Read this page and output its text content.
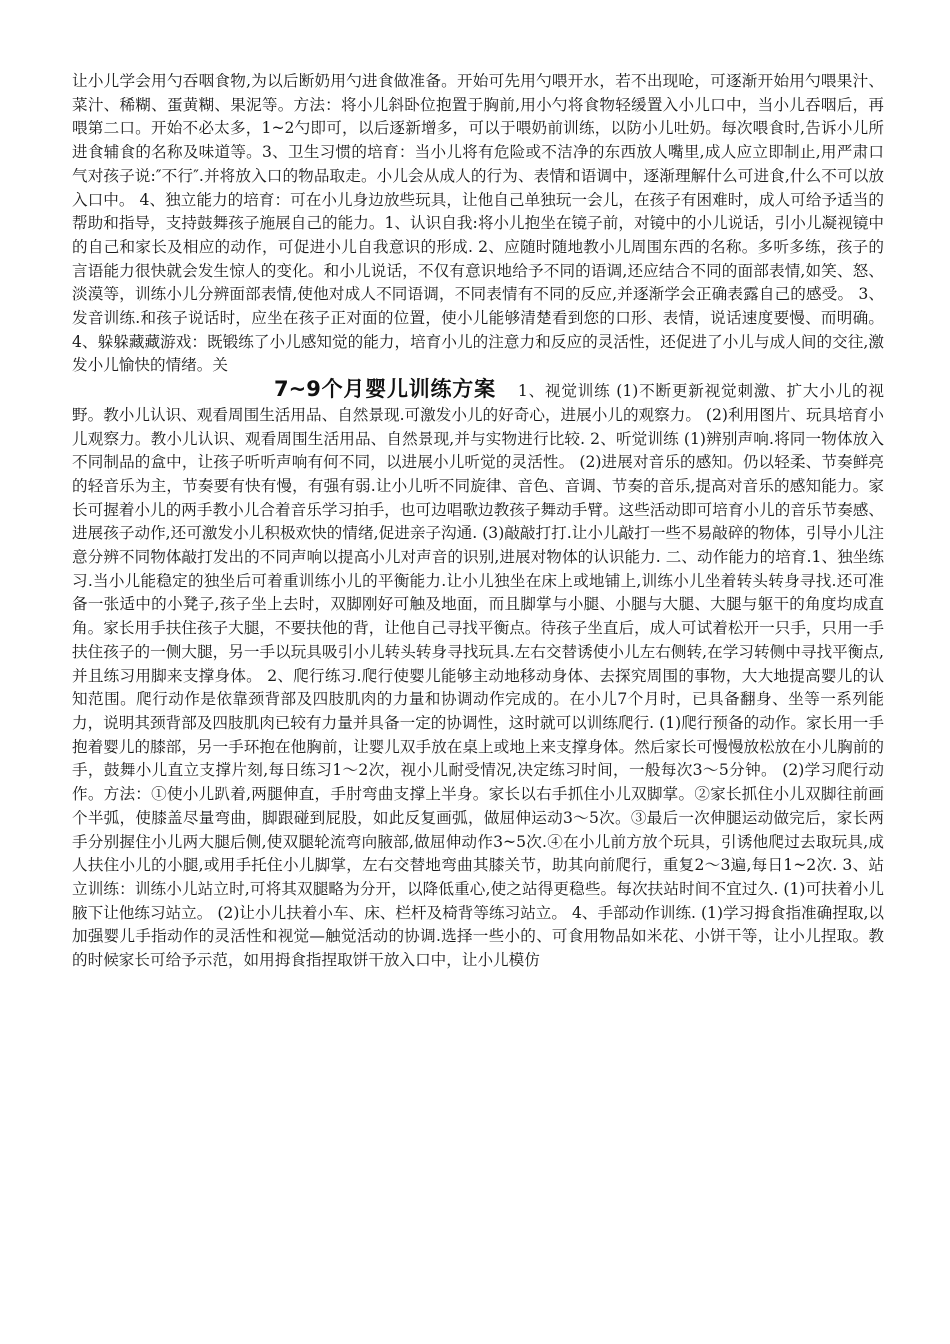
让小儿学会用勺吞咽食物,为以后断奶用勺进食做准备。开始可先用勺喂开水，若不出现呛，可逐渐开始用勺喂果汁、菜汁、稀糊、蛋黄糊、果泥等。方法：将小儿斜卧位抱置于胸前,用小勺将食物轻缓置入小儿口中，当小儿吞咽后，再喂第二口。开始不必太多，1~2勺即可，以后逐新增多，可以于喂奶前训练，以防小儿吐奶。每次喂食时,告诉小儿所进食辅食的名称及味道等。3、卫生习惯的培育：当小儿将有危险或不洁净的东西放人嘴里,成人应立即制止,用严肃口气对孩子说:″不行″.并将放入口的物品取走。小儿会从成人的行为、表情和语调中，逐渐理解什么可进食,什么不可以放入口中。 4、独立能力的培育：可在小儿身边放些玩具，让他自己单独玩一会儿，在孩子有困难时，成人可给予适当的帮助和指导，支持鼓舞孩子施展自己的能力。1、认识自我:将小儿抱坐在镜子前，对镜中的小儿说话，引小儿凝视镜中的自己和家长及相应的动作，可促进小儿自我意识的形成. 2、应随时随地教小儿周围东西的名称。多听多练，孩子的言语能力很快就会发生惊人的变化。和小儿说话，不仅有意识地给予不同的语调,还应结合不同的面部表情,如笑、怒、淡漠等，训练小儿分辨面部表情,使他对成人不同语调，不同表情有不同的反应,并逐渐学会正确表露自己的感受。 3、发音训练.和孩子说话时，应坐在孩子正对面的位置，使小儿能够清楚看到您的口形、表情，说话速度要慢、而明确。 4、躲躲藏藏游戏：既锻练了小儿感知觉的能力，培育小儿的注意力和反应的灵活性，还促进了小儿与成人间的交往,激发小儿愉快的情绪。关

7~9个月婴儿训练方案 1、视觉训练 (1)不断更新视觉刺激、扩大小儿的视野。教小儿认识、观看周围生活用品、自然景现.可激发小儿的好奇心，进展小儿的观察力。 (2)利用图片、玩具培育小儿观察力。教小儿认识、观看周围生活用品、自然景现,并与实物进行比较. 2、听觉训练 (1)辨别声响.将同一物体放入不同制品的盒中，让孩子听听声响有何不同，以进展小儿听觉的灵活性。 (2)进展对音乐的感知。仍以轻柔、节奏鲜亮的轻音乐为主，节奏要有快有慢，有强有弱.让小儿听不同旋律、音色、音调、节奏的音乐,提高对音乐的感知能力。家长可握着小儿的两手教小儿合着音乐学习拍手，也可边唱歌边教孩子舞动手臂。这些活动即可培育小儿的音乐节奏感、进展孩子动作,还可激发小儿积极欢快的情绪,促进亲子沟通. (3)敲敲打打.让小儿敲打一些不易敲碎的物体，引导小儿注意分辨不同物体敲打发出的不同声响以提高小儿对声音的识别,进展对物体的认识能力. 二、动作能力的培育.1、独坐练习.当小儿能稳定的独坐后可着重训练小儿的平衡能力.让小儿独坐在床上或地铺上,训练小儿坐着转头转身寻找.还可准备一张适中的小凳子,孩子坐上去时，双脚刚好可触及地面，而且脚掌与小腿、小腿与大腿、大腿与躯干的角度均成直角。家长用手扶住孩子大腿，不要扶他的背，让他自己寻找平衡点。待孩子坐直后，成人可试着松开一只手，只用一手扶住孩子的一侧大腿，另一手以玩具吸引小儿转头转身寻找玩具.左右交替诱使小儿左右侧转,在学习转侧中寻找平衡点,并且练习用脚来支撑身体。 2、爬行练习.爬行使婴儿能够主动地移动身体、去探究周围的事物，大大地提高婴儿的认知范围。爬行动作是依靠颈背部及四肢肌肉的力量和协调动作完成的。在小儿7个月时，已具备翻身、坐等一系列能力，说明其颈背部及四肢肌肉已较有力量并具备一定的协调性，这时就可以训练爬行. (1)爬行预备的动作。家长用一手抱着婴儿的膝部，另一手环抱在他胸前，让婴儿双手放在桌上或地上来支撑身体。然后家长可慢慢放松放在小儿胸前的手，鼓舞小儿直立支撑片刻,每日练习1～2次，视小儿耐受情况,决定练习时间，一般每次3～5分钟。 (2)学习爬行动作。方法：①使小儿趴着,两腿伸直，手肘弯曲支撑上半身。家长以右手抓住小儿双脚掌。②家长抓住小儿双脚往前画个半弧，使膝盖尽量弯曲，脚跟碰到屁股，如此反复画弧，做屈伸运动3～5次。③最后一次伸腿运动做完后，家长两手分别握住小儿两大腿后侧,使双腿轮流弯向腋部,做屈伸动作3~5次.④在小儿前方放个玩具，引诱他爬过去取玩具,成人扶住小儿的小腿,或用手托住小儿脚掌，左右交替地弯曲其膝关节，助其向前爬行，重复2～3遍,每日1~2次. 3、站立训练：训练小儿站立时,可将其双腿略为分开，以降低重心,使之站得更稳些。每次扶站时间不宜过久. (1)可扶着小儿腋下让他练习站立。 (2)让小儿扶着小车、床、栏杆及椅背等练习站立。 4、手部动作训练. (1)学习拇食指准确捏取,以加强婴儿手指动作的灵活性和视觉—触觉活动的协调.选择一些小的、可食用物品如米花、小饼干等，让小儿捏取。教的时候家长可给予示范，如用拇食指捏取饼干放入口中，让小儿模仿
